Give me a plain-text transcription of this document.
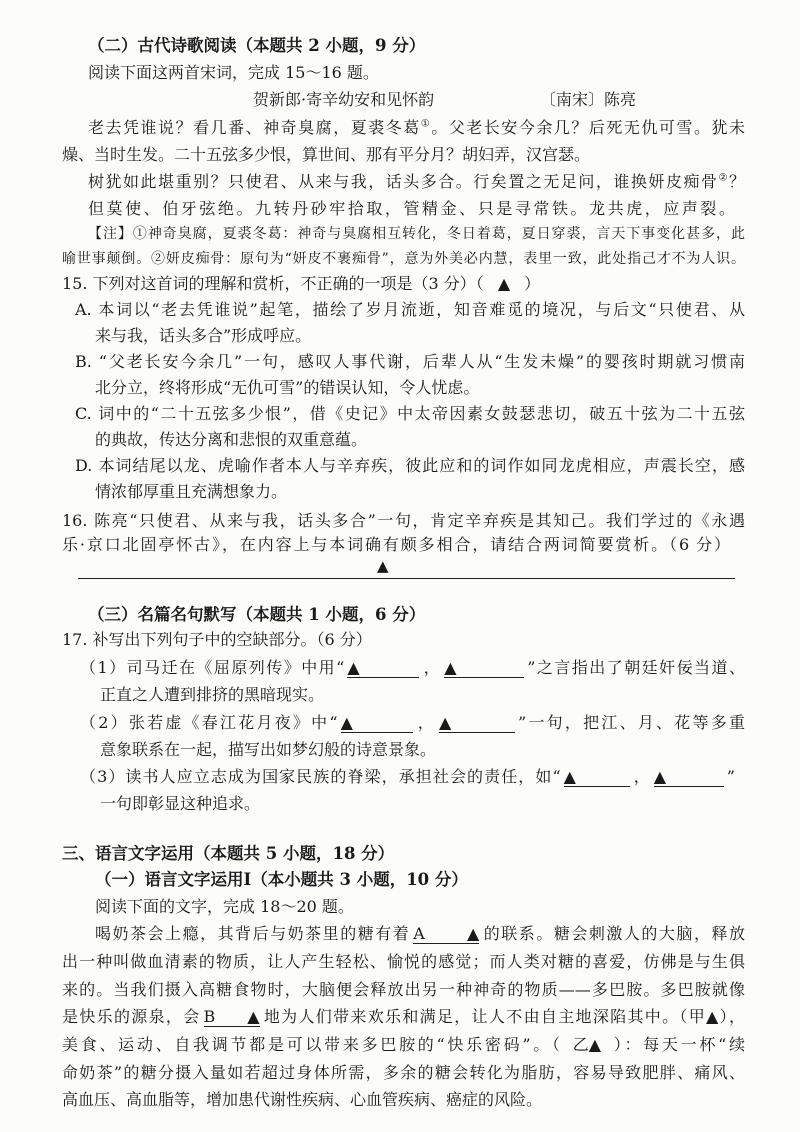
（二）古代诗歌阅读（本题共 2 小题，9 分）
阅读下面这两首宋词，完成 15～16 题。
贺新郎·寄辛幼安和见怀韵	〔南宋〕陈亮
老去凭谁说？看几番、神奇臭腐，夏裘冬葛①。父老长安今余几？后死无仇可雪。犹未
燥、当时生发。二十五弦多少恨，算世间、那有平分月？胡妇弄，汉宫瑟。
树犹如此堪重别？只使君、从来与我，话头多合。行矣置之无足问，谁换妍皮痴骨②？
但莫使、伯牙弦绝。九转丹砂牢拾取，管精金、只是寻常铁。龙共虎，应声裂。
【注】①神奇臭腐，夏裘冬葛：神奇与臭腐相互转化，冬日着葛，夏日穿裘，言天下事变化甚多，此
喻世事颠倒。②妍皮痴骨：原句为“妍皮不裹痴骨”，意为外美必内慧，表里一致，此处指己才不为人识。
15. 下列对这首词的理解和赏析，不正确的一项是（3 分）（ ▲ ）
A. 本词以“老去凭谁说”起笔，描绘了岁月流逝，知音难觅的境况，与后文“只使君、从
来与我，话头多合”形成呼应。
B. “父老长安今余几”一句，感叹人事代谢，后辈人从“生发未燥”的婴孩时期就习惯南
北分立，终将形成“无仇可雪”的错误认知，令人忧虑。
C. 词中的“二十五弦多少恨”，借《史记》中太帝因素女鼓瑟悲切，破五十弦为二十五弦
的典故，传达分离和悲恨的双重意蕴。
D. 本词结尾以龙、虎喻作者本人与辛弃疾，彼此应和的词作如同龙虎相应，声震长空，感
情浓郁厚重且充满想象力。
16. 陈亮“只使君、从来与我，话头多合”一句，肯定辛弃疾是其知己。我们学过的《永遇
乐·京口北固亭怀古》，在内容上与本词确有颇多相合，请结合两词简要赏析。（6 分）
▲
（三）名篇名句默写（本题共 1 小题，6 分）
17. 补写出下列句子中的空缺部分。（6 分）
（1）司马迁在《屈原列传》中用“ ▲	， ▲	”之言指出了朝廷奸佞当道、
正直之人遭到排挤的黑暗现实。
（2）张若虚《春江花月夜》中“ ▲	， ▲	”一句，把江、月、花等多重
意象联系在一起，描写出如梦幻般的诗意景象。
（3）读书人应立志成为国家民族的脊梁，承担社会的责任，如“ ▲	， ▲	”
一句即彰显这种追求。
三、语言文字运用（本题共 5 小题，18 分）
（一）语言文字运用Ⅰ（本小题共 3 小题，10 分）
阅读下面的文字，完成 18～20 题。
喝奶茶会上瘾，其背后与奶茶里的糖有着 A▲ 的联系。糖会刺激人的大脑，释放
出一种叫做血清素的物质，让人产生轻松、愉悦的感觉；而人类对糖的喜爱，仿佛是与生俱
来的。当我们摄入高糖食物时，大脑便会释放出另一种神奇的物质——多巴胺。多巴胺就像
是快乐的源泉，会 B▲ 地为人们带来欢乐和满足，让人不由自主地深陷其中。（甲▲），
美食、运动、自我调节都是可以带来多巴胺的“快乐密码”。（ 乙▲ ）：每天一杯“续
命奶茶”的糖分摄入量如若超过身体所需，多余的糖会转化为脂肪，容易导致肥胖、痛风、
高血压、高血脂等，增加患代谢性疾病、心血管疾病、癌症的风险。
